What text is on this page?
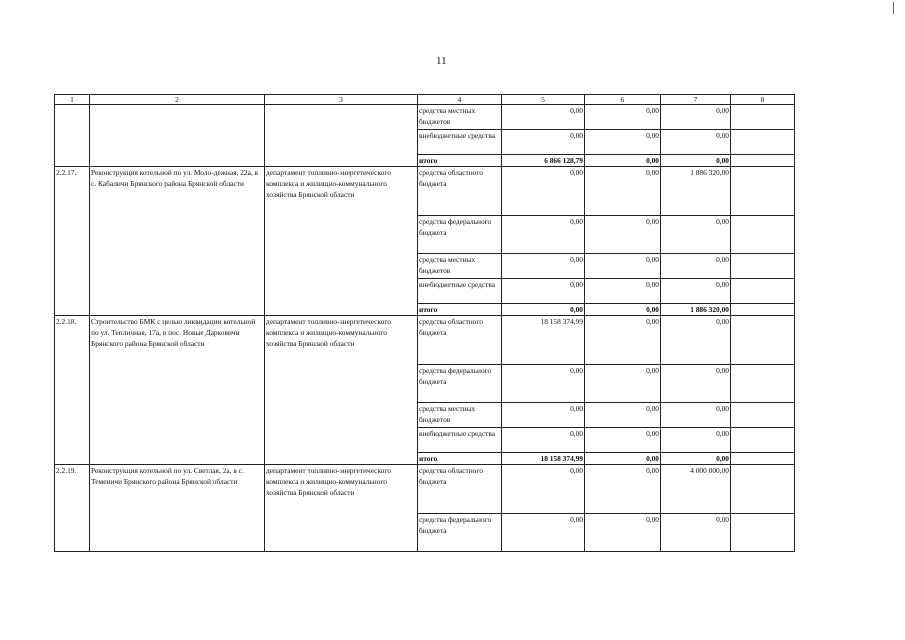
11
1	2	3	4	5	6	7	8
			средства местных бюджетов	0,00	0,00	0,00	
			внебюджетные средства	0,00	0,00	0,00	
			итого	6 866 128,79	0,00	0,00	
2.2.17.	Реконструкция котельной по ул. Моло-дежная, 22а, в с. Кабаличи Брянского района Брянской области	департамент топливно-энергетического комплекса и жилищно-коммунального хозяйства Брянской области	средства областного бюджета	0,00	0,00	1 886 320,00	
			средства федерального бюджета	0,00	0,00	0,00	
			средства местных бюджетов	0,00	0,00	0,00	
			внебюджетные средства	0,00	0,00	0,00	
			итого	0,00	0,00	1 886 320,00	
2.2.18.	Строительство БМК с целью ликвидации котельной по ул. Тепличная, 17а, в пос. Новые Дарковичи Брянского района Брянской области	департамент топливно-энергетического комплекса и жилищно-коммунального хозяйства Брянской области	средства областного бюджета	18 158 374,99	0,00	0,00	
			средства федерального бюджета	0,00	0,00	0,00	
			средства местных бюджетов	0,00	0,00	0,00	
			внебюджетные средства	0,00	0,00	0,00	
			итого	18 158 374,99	0,00	0,00	
2.2.19.	Реконструкция котельной по ул. Светлая, 2а, в с. Теменичи Брянского района Брянской области	департамент топливно-энергетического комплекса и жилищно-коммунального хозяйства Брянской области	средства областного бюджета	0,00	0,00	4 000 000,00	
			средства федерального бюджета	0,00	0,00	0,00	
